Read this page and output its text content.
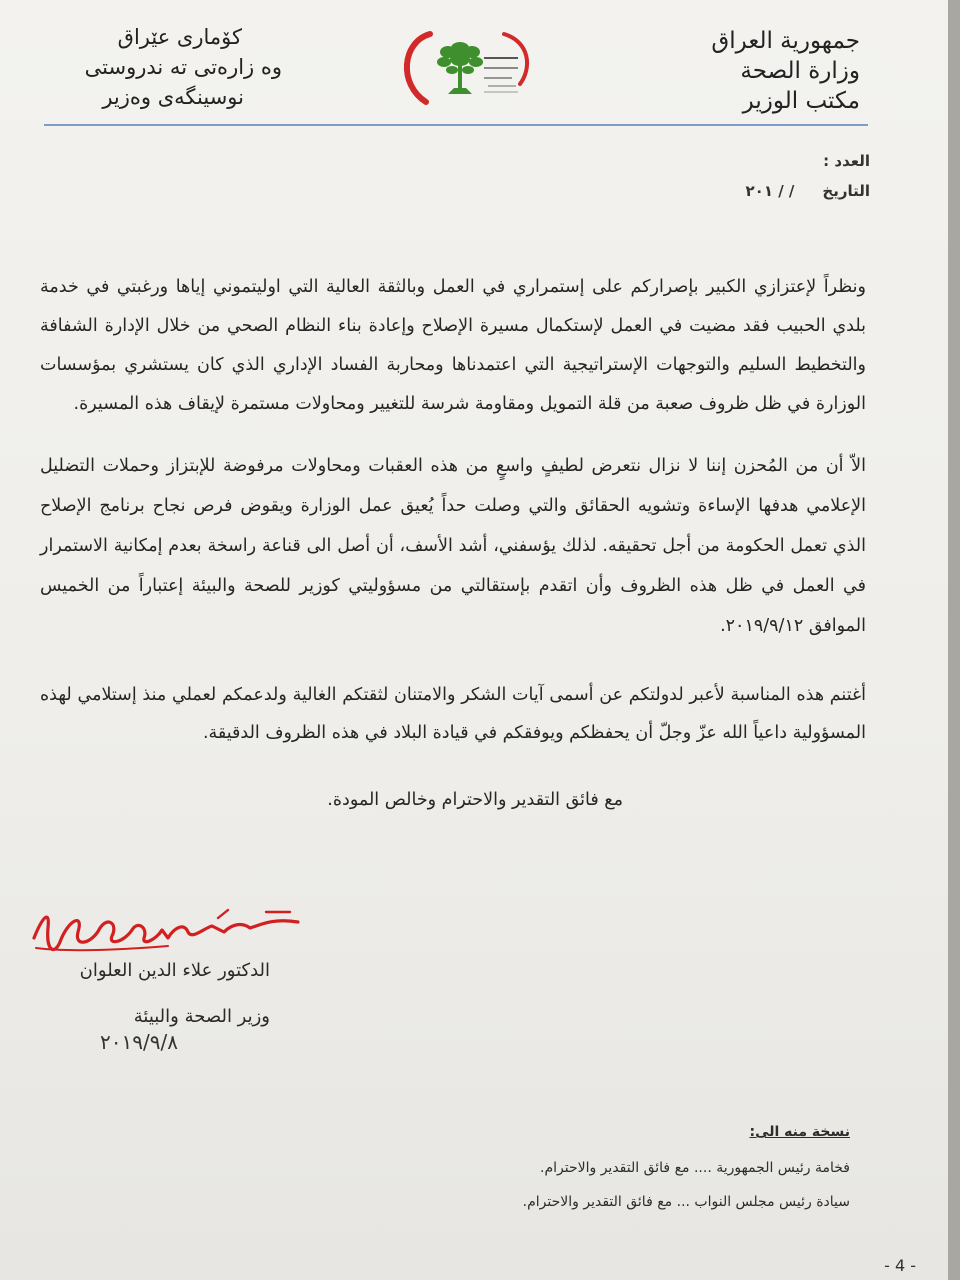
جمهورية العراق
وزارة الصحة
مكتب الوزير
كۆماری عێراق
وه زارەتی تە ندروستی
نوسینگەی وەزیر
العدد :
التاريخ
/ / ٢٠١

ونظراً لإعتزازي الكبير بإصراركم على إستمراري في العمل وبالثقة العالية التي اوليتموني إياها ورغبتي في خدمة بلدي الحبيب فقد مضيت في العمل لإستكمال مسيرة الإصلاح وإعادة بناء النظام الصحي من خلال الإدارة الشفافة والتخطيط السليم والتوجهات الإستراتيجية التي اعتمدناها ومحاربة الفساد الإداري الذي كان يستشري بمؤسسات الوزارة في ظل ظروف صعبة من قلة التمويل ومقاومة شرسة للتغيير ومحاولات مستمرة لإيقاف هذه المسيرة.

الاّ أن من المُحزن إننا لا نزال نتعرض لطيفٍ واسعٍ من هذه العقبات ومحاولات مرفوضة للإبتزاز وحملات التضليل الإعلامي هدفها الإساءة وتشويه الحقائق والتي وصلت حداً يُعيق عمل الوزارة ويقوض فرص نجاح برنامج الإصلاح الذي تعمل الحكومة من أجل تحقيقه. لذلك يؤسفني، أشد الأسف، أن أصل الى قناعة راسخة بعدم إمكانية الاستمرار في العمل في ظل هذه الظروف وأن اتقدم بإستقالتي من مسؤوليتي كوزير للصحة والبيئة إعتباراً من الخميس الموافق ٢٠١٩/٩/١٢.

أغتنم هذه المناسبة لأعبر لدولتكم عن أسمى آيات الشكر والامتنان لثقتكم الغالية ولدعمكم لعملي منذ إستلامي لهذه المسؤولية داعياً الله عزّ وجلّ أن يحفظكم ويوفقكم في قيادة البلاد في هذه الظروف الدقيقة.

مع فائق التقدير والاحترام وخالص المودة.
الدكتور علاء الدين العلوان
وزير الصحة والبيئة
٢٠١٩/٩/٨
نسخة منه الى:
فخامة رئيس الجمهورية .... مع فائق التقدير والاحترام.
سيادة رئيس مجلس النواب ... مع فائق التقدير والاحترام.
- 4 -
